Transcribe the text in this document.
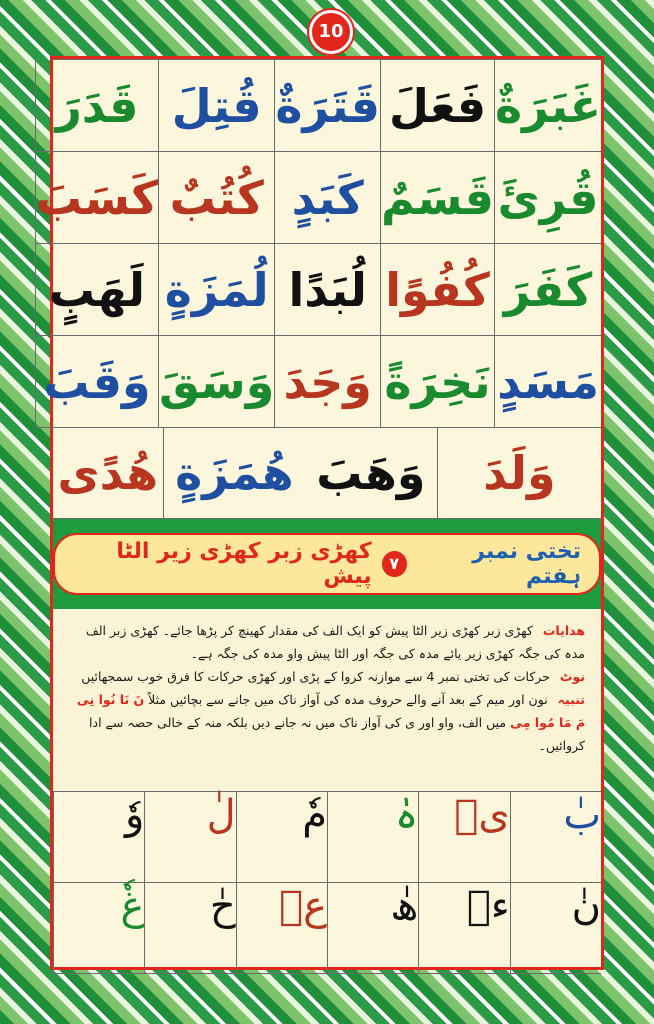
10
غَبَرَةٌ
فَعَلَ
قَتَرَةٌ
قُتِلَ
قَدَرَ
قُرِئَ
قَسَمٌ
كَبَدٍ
كُتُبٌ
كَسَبَ
كَفَرَ
كُفُوًا
لُبَدًا
لُمَزَةٍ
لَهَبٍ
مَسَدٍ
نَخِرَةً
وَجَدَ
وَسَقَ
وَقَبَ
وَلَدَ
وَهَبَ
هُمَزَةٍ
هُدًى
تختی نمبر ہفتم
۷
کھڑی زبر کھڑی زیر الٹا پیش
هدایات کھڑی زبر کھڑی زیر الٹا پیش کو ایک الف کی مقدار کھینچ کر پڑھا جائے۔ کھڑی زبر الف مدہ کی جگہ کھڑی زیر یائے مدہ کی جگہ اور الٹا پیش واو مدہ کی جگہ ہے۔
نوٹ حرکات کی تختی نمبر 4 سے موازنہ کروا کے پڑی اور کھڑی حرکات کا فرق خوب سمجھائیں
تنبیہ نون اور میم کے بعد آنے والے حروف مدہ کی آواز ناک میں جانے سے بچائیں مثلاً نَ نَا نُوا نِی مَ مَا مُوا مِی میں الف، واو اور ی کی آواز ناک میں نہ جانے دیں بلکہ منہ کے خالی حصہ سے ادا کروائیں۔
بٰ
یٖ
ہٰ
مٗ
لٰ
وٗ
نٰ
ءٖ
ھٰ
عٖ
حٰ
غٗ
